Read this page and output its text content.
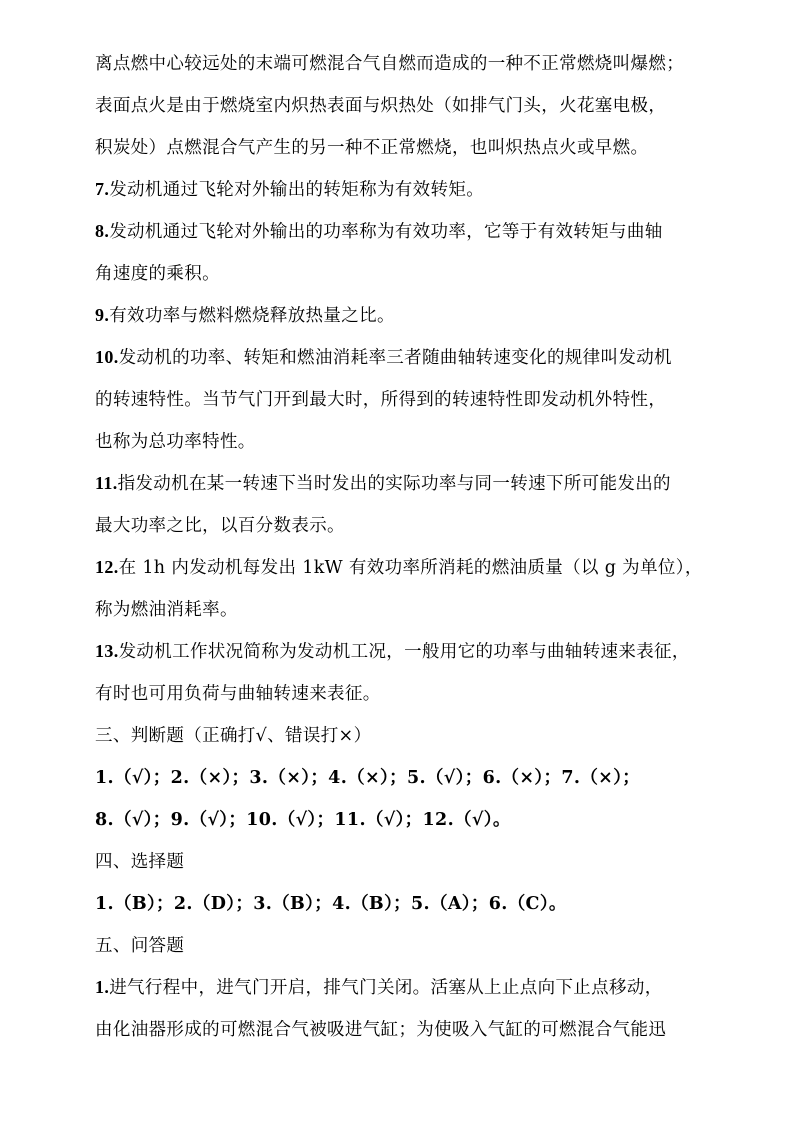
离点燃中心较远处的末端可燃混合气自燃而造成的一种不正常燃烧叫爆燃；
表面点火是由于燃烧室内炽热表面与炽热处（如排气门头，火花塞电极，
积炭处）点燃混合气产生的另一种不正常燃烧，也叫炽热点火或早燃。
7.发动机通过飞轮对外输出的转矩称为有效转矩。
8.发动机通过飞轮对外输出的功率称为有效功率，它等于有效转矩与曲轴
角速度的乘积。
9.有效功率与燃料燃烧释放热量之比。
10.发动机的功率、转矩和燃油消耗率三者随曲轴转速变化的规律叫发动机
的转速特性。当节气门开到最大时，所得到的转速特性即发动机外特性，
也称为总功率特性。
11.指发动机在某一转速下当时发出的实际功率与同一转速下所可能发出的
最大功率之比，以百分数表示。
12.在 1h 内发动机每发出 1kW 有效功率所消耗的燃油质量（以 g 为单位），
称为燃油消耗率。
13.发动机工作状况简称为发动机工况，一般用它的功率与曲轴转速来表征，
有时也可用负荷与曲轴转速来表征。
三、判断题（正确打√、错误打×）
1.（√）；2.（×）；3.（×）；4.（×）；5.（√）；6.（×）；7.（×）；
8.（√）；9.（√）；10.（√）；11.（√）；12.（√）。
四、选择题
1.（B）；2.（D）；3.（B）；4.（B）；5.（A）；6.（C）。
五、问答题
1.进气行程中，进气门开启，排气门关闭。活塞从上止点向下止点移动，
由化油器形成的可燃混合气被吸进气缸；为使吸入气缸的可燃混合气能迅
